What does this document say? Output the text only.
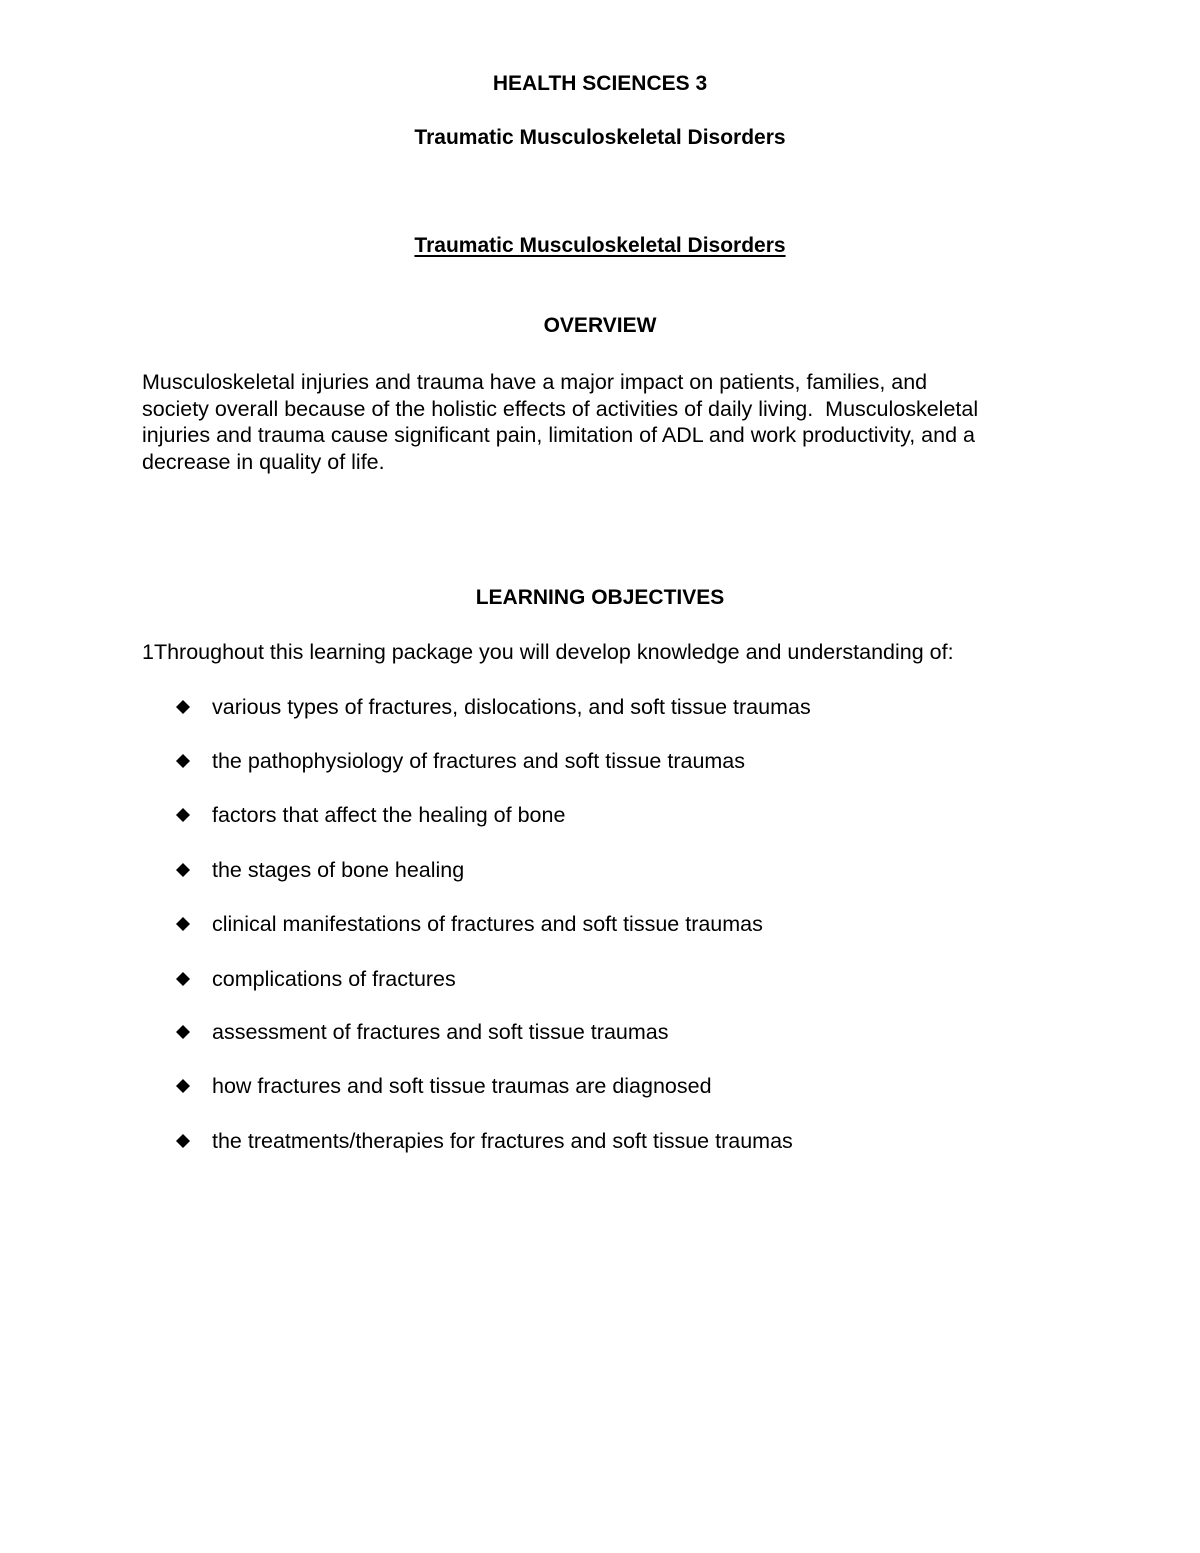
HEALTH SCIENCES 3
Traumatic Musculoskeletal Disorders
Traumatic Musculoskeletal Disorders
OVERVIEW
Musculoskeletal injuries and trauma have a major impact on patients, families, and
society overall because of the holistic effects of activities of daily living.  Musculoskeletal
injuries and trauma cause significant pain, limitation of ADL and work productivity, and a
decrease in quality of life.
LEARNING OBJECTIVES
1Throughout this learning package you will develop knowledge and understanding of:
various types of fractures, dislocations, and soft tissue traumas
the pathophysiology of fractures and soft tissue traumas
factors that affect the healing of bone
the stages of bone healing
clinical manifestations of fractures and soft tissue traumas
complications of fractures
assessment of fractures and soft tissue traumas
how fractures and soft tissue traumas are diagnosed
the treatments/therapies for fractures and soft tissue traumas
